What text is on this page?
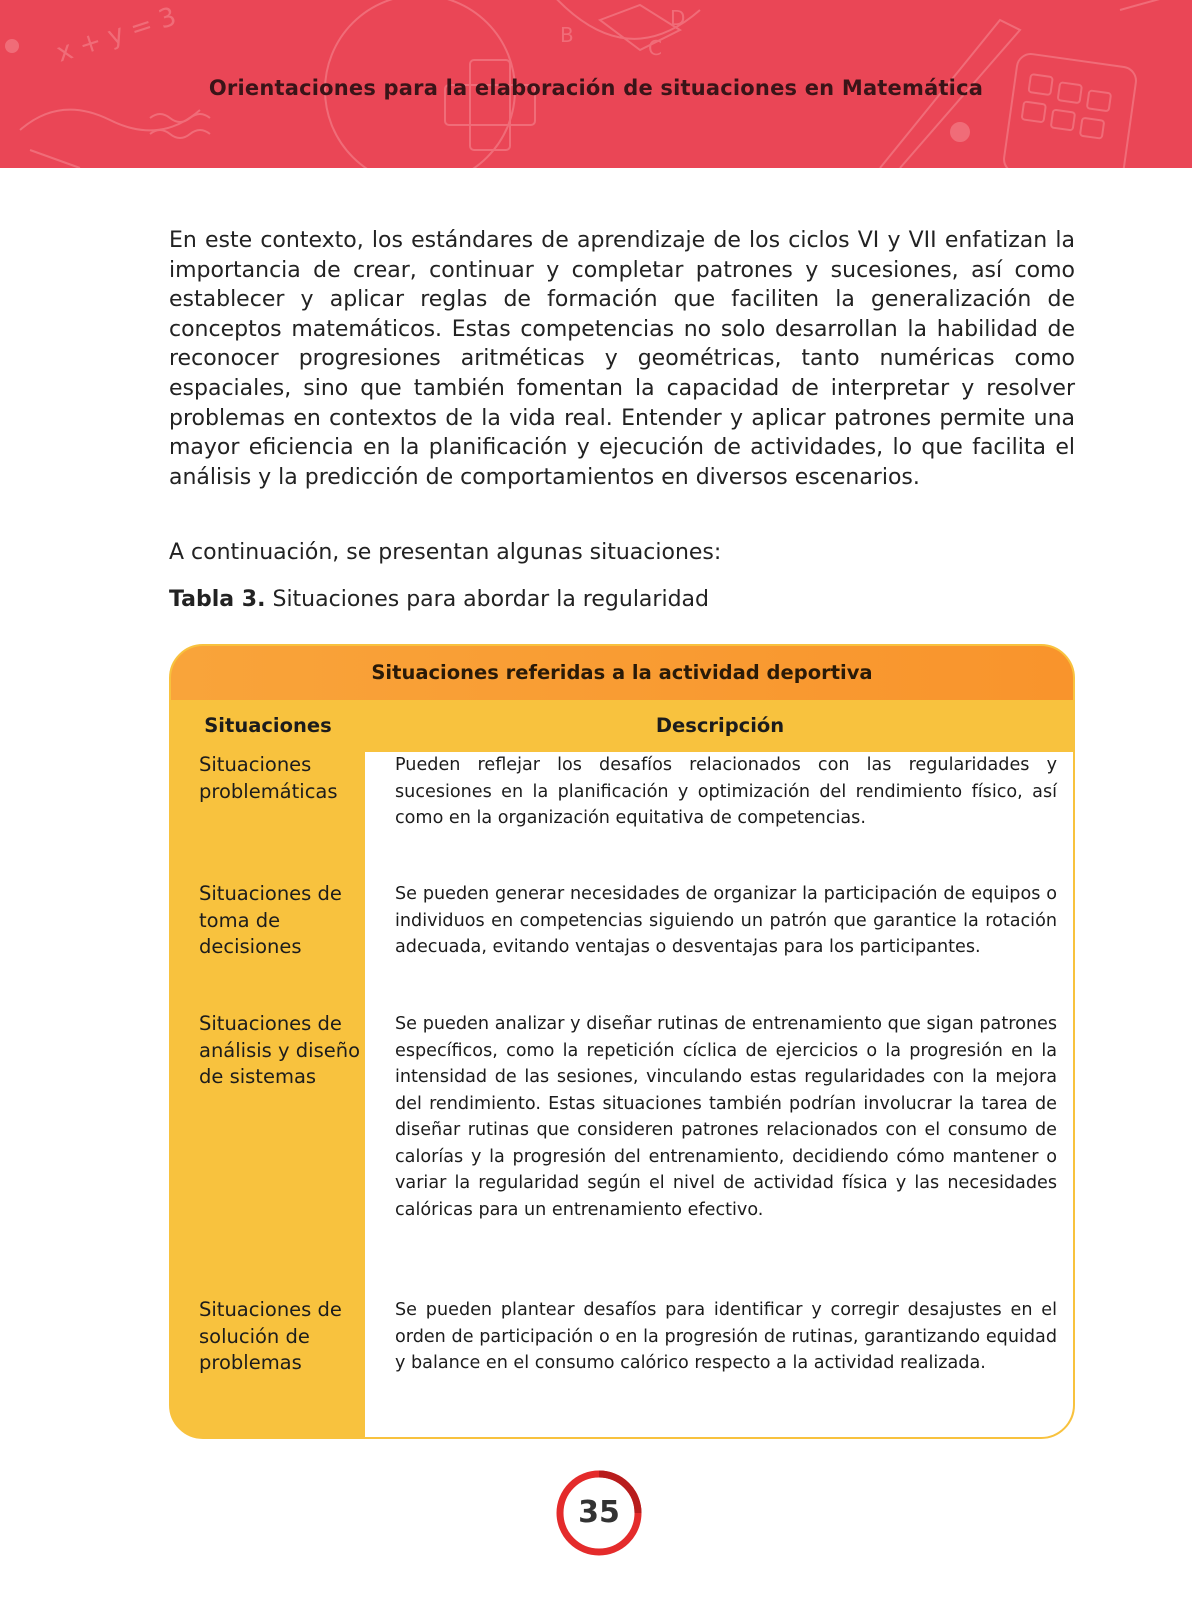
x + y = 3	B
C
D
Orientaciones para la elaboración de situaciones en Matemática

En este contexto, los estándares de aprendizaje de los ciclos VI y VII enfatizan la importancia de crear, continuar y completar patrones y sucesiones, así como establecer y aplicar reglas de formación que faciliten la generalización de conceptos matemáticos. Estas competencias no solo desarrollan la habilidad de reconocer progresiones aritméticas y geométricas, tanto numéricas como espaciales, sino que también fomentan la capacidad de interpretar y resolver problemas en contextos de la vida real. Entender y aplicar patrones permite una mayor eficiencia en la planificación y ejecución de actividades, lo que facilita el análisis y la predicción de comportamientos en diversos escenarios.

A continuación, se presentan algunas situaciones:

Tabla 3. Situaciones para abordar la regularidad

Situaciones referidas a la actividad deportiva
Situaciones	Descripción
Situaciones problemáticas

Pueden reflejar los desafíos relacionados con las regularidades y sucesiones en la planificación y optimización del rendimiento físico, así como en la organización equitativa de competencias.

Situaciones de toma de decisiones

Se pueden generar necesidades de organizar la participación de equipos o individuos en competencias siguiendo un patrón que garantice la rotación adecuada, evitando ventajas o desventajas para los participantes.

Situaciones de análisis y diseño de sistemas

Se pueden analizar y diseñar rutinas de entrenamiento que sigan patrones específicos, como la repetición cíclica de ejercicios o la progresión en la intensidad de las sesiones, vinculando estas regularidades con la mejora del rendimiento. Estas situaciones también podrían involucrar la tarea de diseñar rutinas que consideren patrones relacionados con el consumo de calorías y la progresión del entrenamiento, decidiendo cómo mantener o variar la regularidad según el nivel de actividad física y las necesidades calóricas para un entrenamiento efectivo.

Situaciones de solución de problemas

Se pueden plantear desafíos para identificar y corregir desajustes en el orden de participación o en la progresión de rutinas, garantizando equidad y balance en el consumo calórico respecto a la actividad realizada.

35
